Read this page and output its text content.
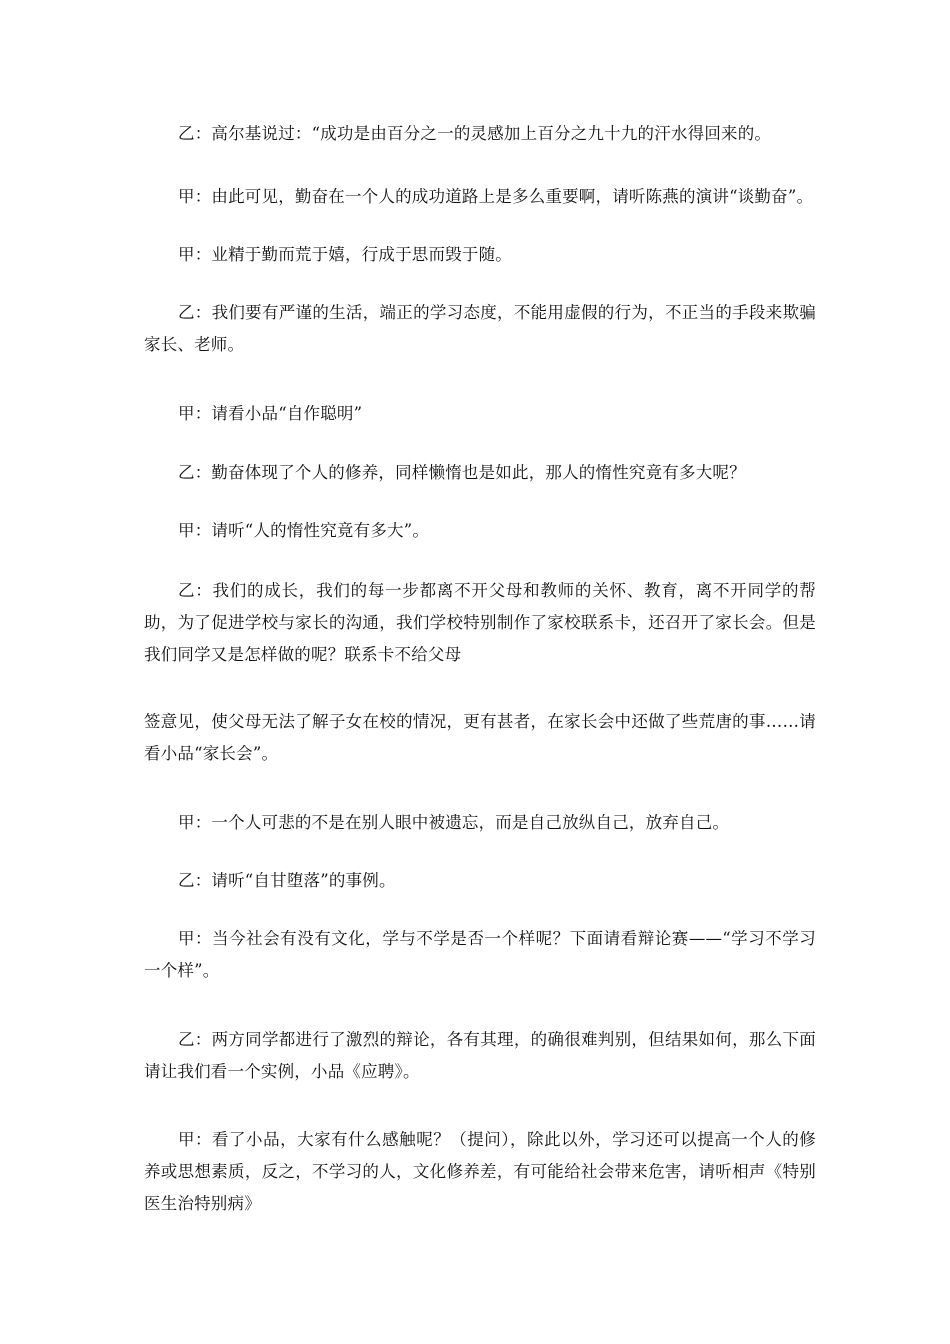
乙：高尔基说过：“成功是由百分之一的灵感加上百分之九十九的汗水得回来的。

甲：由此可见，勤奋在一个人的成功道路上是多么重要啊，请听陈燕的演讲“谈勤奋”。

甲：业精于勤而荒于嬉，行成于思而毁于随。

乙：我们要有严谨的生活，端正的学习态度，不能用虚假的行为，不正当的手段来欺骗家长、老师。

甲：请看小品“自作聪明”

乙：勤奋体现了个人的修养，同样懒惰也是如此，那人的惰性究竟有多大呢？

甲：请听“人的惰性究竟有多大”。

乙：我们的成长，我们的每一步都离不开父母和教师的关怀、教育，离不开同学的帮助，为了促进学校与家长的沟通，我们学校特别制作了家校联系卡，还召开了家长会。但是我们同学又是怎样做的呢？联系卡不给父母

签意见，使父母无法了解子女在校的情况，更有甚者，在家长会中还做了些荒唐的事……请看小品“家长会”。

甲：一个人可悲的不是在别人眼中被遗忘，而是自己放纵自己，放弃自己。

乙：请听“自甘堕落”的事例。

甲：当今社会有没有文化，学与不学是否一个样呢？下面请看辩论赛——“学习不学习一个样”。

乙：两方同学都进行了激烈的辩论，各有其理，的确很难判别，但结果如何，那么下面请让我们看一个实例，小品《应聘》。

甲：看了小品，大家有什么感触呢？（提问），除此以外，学习还可以提高一个人的修养或思想素质，反之，不学习的人，文化修养差，有可能给社会带来危害，请听相声《特别医生治特别病》
